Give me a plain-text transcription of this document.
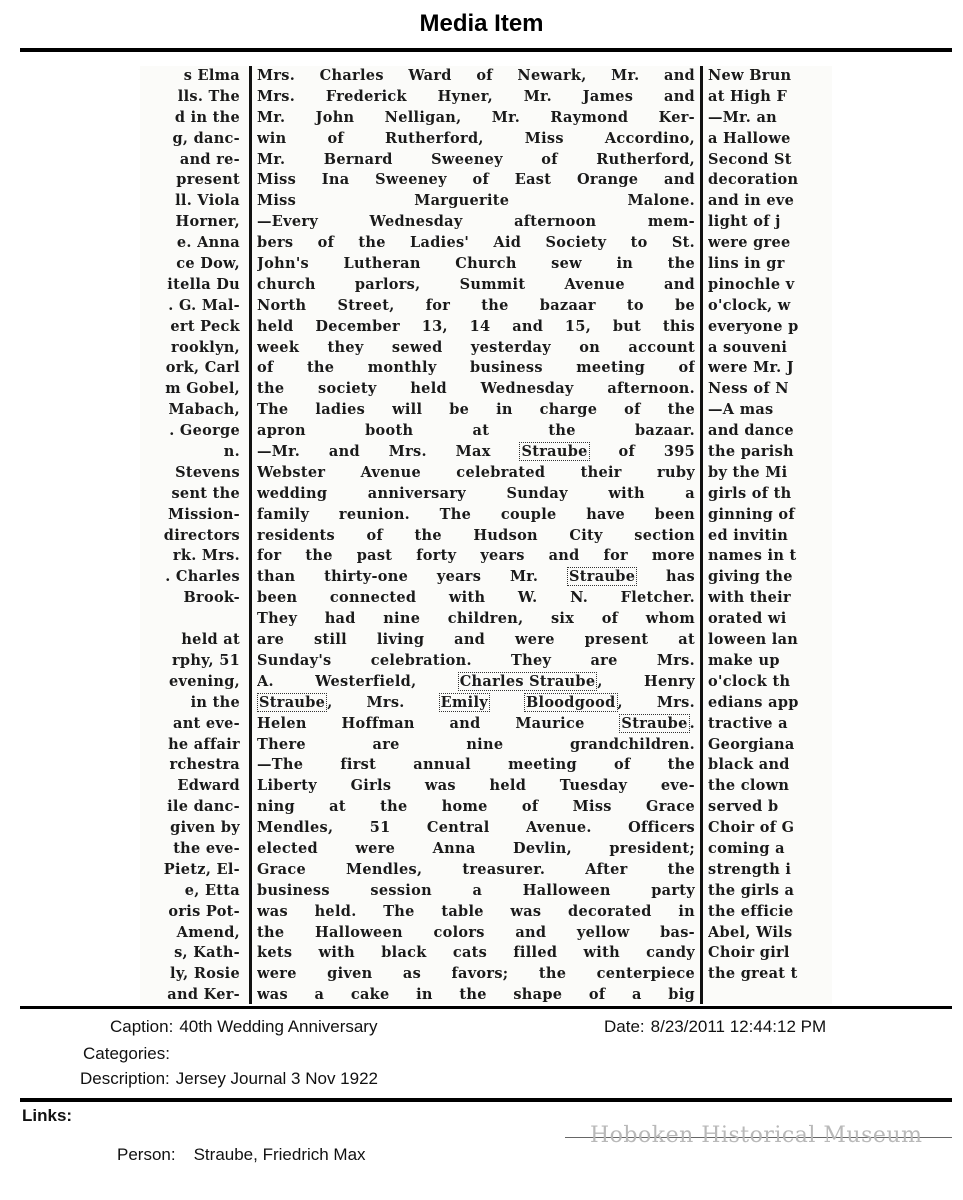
Media Item
s Elma
lls. The
d in the
g, danc-
and re-
present
ll. Viola
Horner,
e. Anna
ce Dow,
itella Du
. G. Mal-
ert Peck
rooklyn,
ork, Carl
m Gobel,
Mabach,
. George
n.
Stevens
sent the
Mission-
directors
rk. Mrs.
. Charles
Brook-
held at
rphy, 51
evening,
in the
ant eve-
he affair
rchestra
Edward
ile danc-
given by
the eve-
Pietz, El-
e, Etta
oris Pot-
Amend,
s, Kath-
ly, Rosie
and Ker-
Mrs. Charles Ward of Newark, Mr. and
Mrs. Frederick Hyner, Mr. James and
Mr. John Nelligan, Mr. Raymond Ker-
win of Rutherford, Miss Accordino,
Mr. Bernard Sweeney of Rutherford,
Miss Ina Sweeney of East Orange and
Miss Marguerite Malone.
—Every Wednesday afternoon mem-
bers of the Ladies' Aid Society to St.
John's Lutheran Church sew in the
church parlors, Summit Avenue and
North Street, for the bazaar to be
held December 13, 14 and 15, but this
week they sewed yesterday on account
of the monthly business meeting of
the society held Wednesday afternoon.
The ladies will be in charge of the
apron booth at the bazaar.
—Mr. and Mrs. Max Straube of 395
Webster Avenue celebrated their ruby
wedding anniversary Sunday with a
family reunion. The couple have been
residents of the Hudson City section
for the past forty years and for more
than thirty-one years Mr. Straube has
been connected with W. N. Fletcher.
They had nine children, six of whom
are still living and were present at
Sunday's celebration. They are Mrs.
A. Westerfield, Charles Straube , Henry
Straube , Mrs. Emily	Bloodgood , Mrs.
Helen Hoffman and Maurice Straube .
There are nine grandchildren.
—The first annual meeting of the
Liberty Girls was held Tuesday eve-
ning at the home of Miss Grace
Mendles, 51 Central Avenue. Officers
elected were Anna Devlin, president;
Grace Mendles, treasurer. After the
business session a Halloween party
was held. The table was decorated in
the Halloween colors and yellow bas-
kets with black cats filled with candy
were given as favors; the centerpiece
was a cake in the shape of a big
New Brun
at High F
—Mr. an
a Hallowe
Second St
decoration
and in eve
light of j
were gree
lins in gr
pinochle v
o'clock, w
everyone p
a souveni
were Mr. J
Ness of N
—A mas
and dance
the parish
by the Mi
girls of th
ginning of
ed invitin
names in t
giving the
with their
orated wi
loween lan
make up
o'clock th
edians app
tractive a
Georgiana
black and
the clown
served b
Choir of G
coming a
strength i
the girls a
the efficie
Abel, Wils
Choir girl
the great t
Caption: 40th Wedding Anniversary	Date: 8/23/2011 12:44:12 PM
Categories:
Description: Jersey Journal 3 Nov 1922
Links:
Person: Straube, Friedrich Max
Hoboken Historical Museum
